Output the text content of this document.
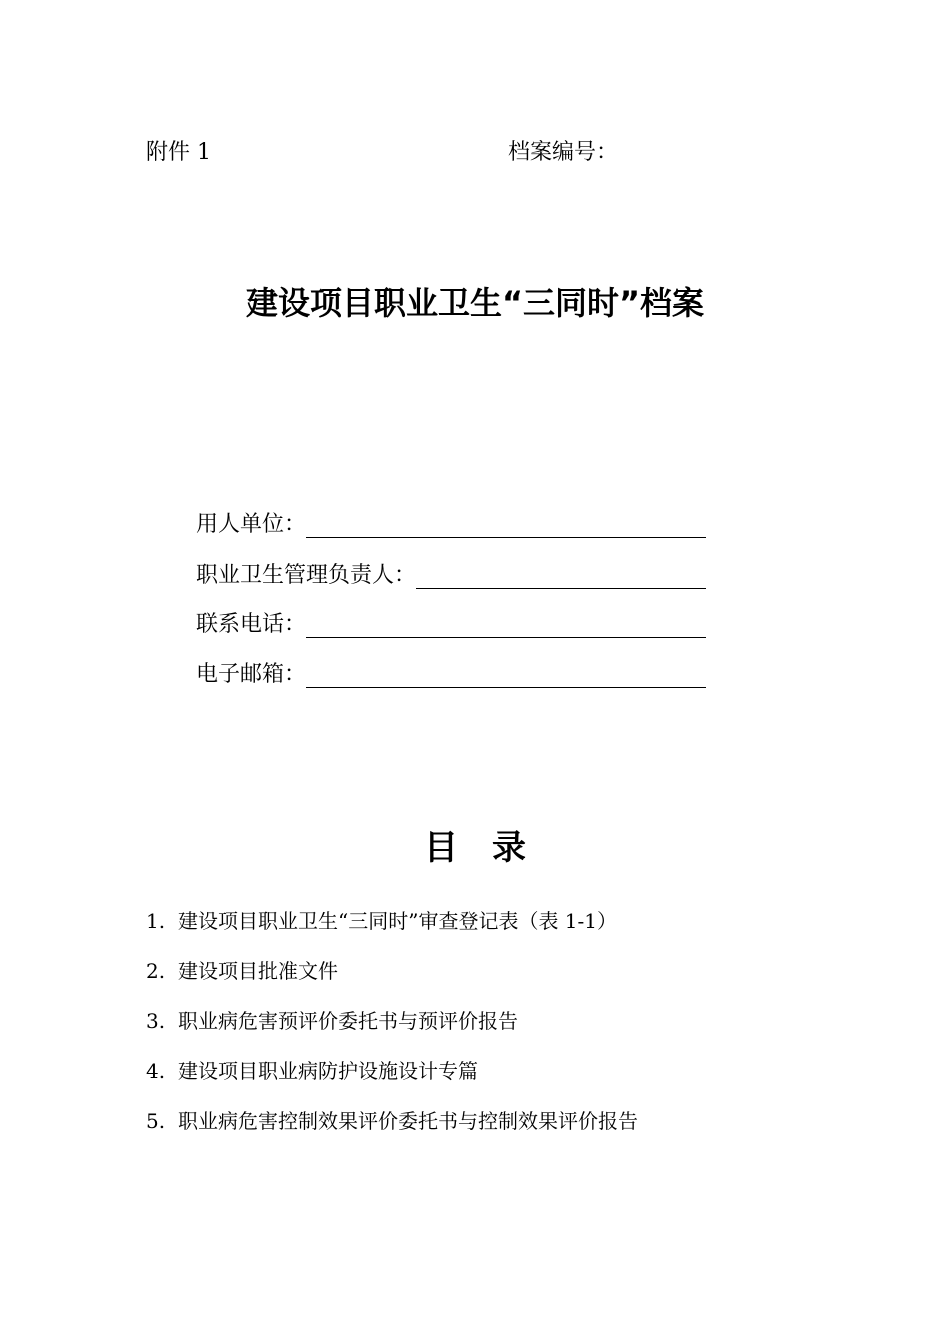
附件 1	档案编号：
建设项目职业卫生“三同时”档案
用人单位：
职业卫生管理负责人：
联系电话：
电子邮箱：
目 录
1. 建设项目职业卫生“三同时”审查登记表（表 1-1）
2. 建设项目批准文件
3. 职业病危害预评价委托书与预评价报告
4. 建设项目职业病防护设施设计专篇
5. 职业病危害控制效果评价委托书与控制效果评价报告
